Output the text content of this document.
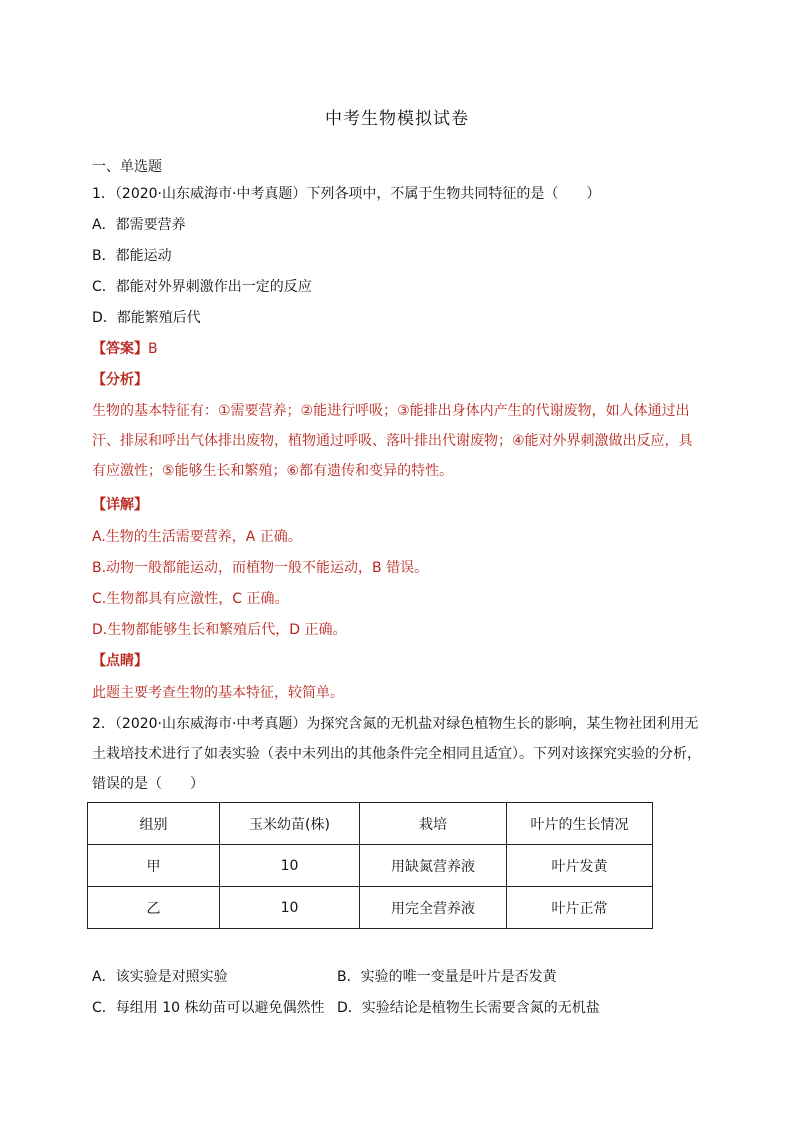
中考生物模拟试卷
一、单选题
1．（2020·山东威海市·中考真题）下列各项中，不属于生物共同特征的是（　　）
A．都需要营养
B．都能运动
C．都能对外界刺激作出一定的反应
D．都能繁殖后代
【答案】B
【分析】
生物的基本特征有：①需要营养；②能进行呼吸；③能排出身体内产生的代谢废物，如人体通过出汗、排尿和呼出气体排出废物，植物通过呼吸、落叶排出代谢废物；④能对外界刺激做出反应，具有应激性；⑤能够生长和繁殖；⑥都有遗传和变异的特性。
【详解】
A.生物的生活需要营养，A 正确。
B.动物一般都能运动，而植物一般不能运动，B 错误。
C.生物都具有应激性，C 正确。
D.生物都能够生长和繁殖后代，D 正确。
【点睛】
此题主要考查生物的基本特征，较简单。
2．（2020·山东威海市·中考真题）为探究含氮的无机盐对绿色植物生长的影响，某生物社团利用无土栽培技术进行了如表实验（表中未列出的其他条件完全相同且适宜）。下列对该探究实验的分析，错误的是（　　）
组别	玉米幼苗(株)	栽培	叶片的生长情况
甲	10	用缺氮营养液	叶片发黄
乙	10	用完全营养液	叶片正常
A．该实验是对照实验	B．实验的唯一变量是叶片是否发黄
C．每组用 10 株幼苗可以避免偶然性 D．实验结论是植物生长需要含氮的无机盐
